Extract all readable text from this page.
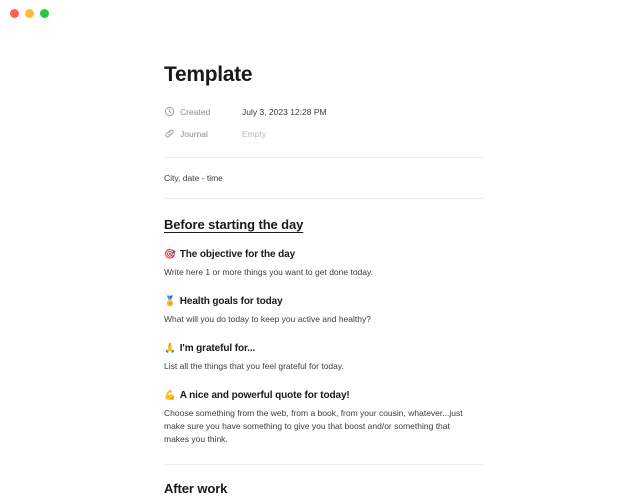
Template
Created	July 3, 2023 12:28 PM
Journal	Empty

City, date - time

Before starting the day
🎯 The objective for the day

Write here 1 or more things you want to get done today.

🏅 Health goals for today

What will you do today to keep you active and healthy?

🙏 I'm grateful for...

List all the things that you feel grateful for today.

💪 A nice and powerful quote for today!

Choose something from the web, from a book, from your cousin, whatever...just make sure you have something to give you that boost and/or something that makes you think.

After work
